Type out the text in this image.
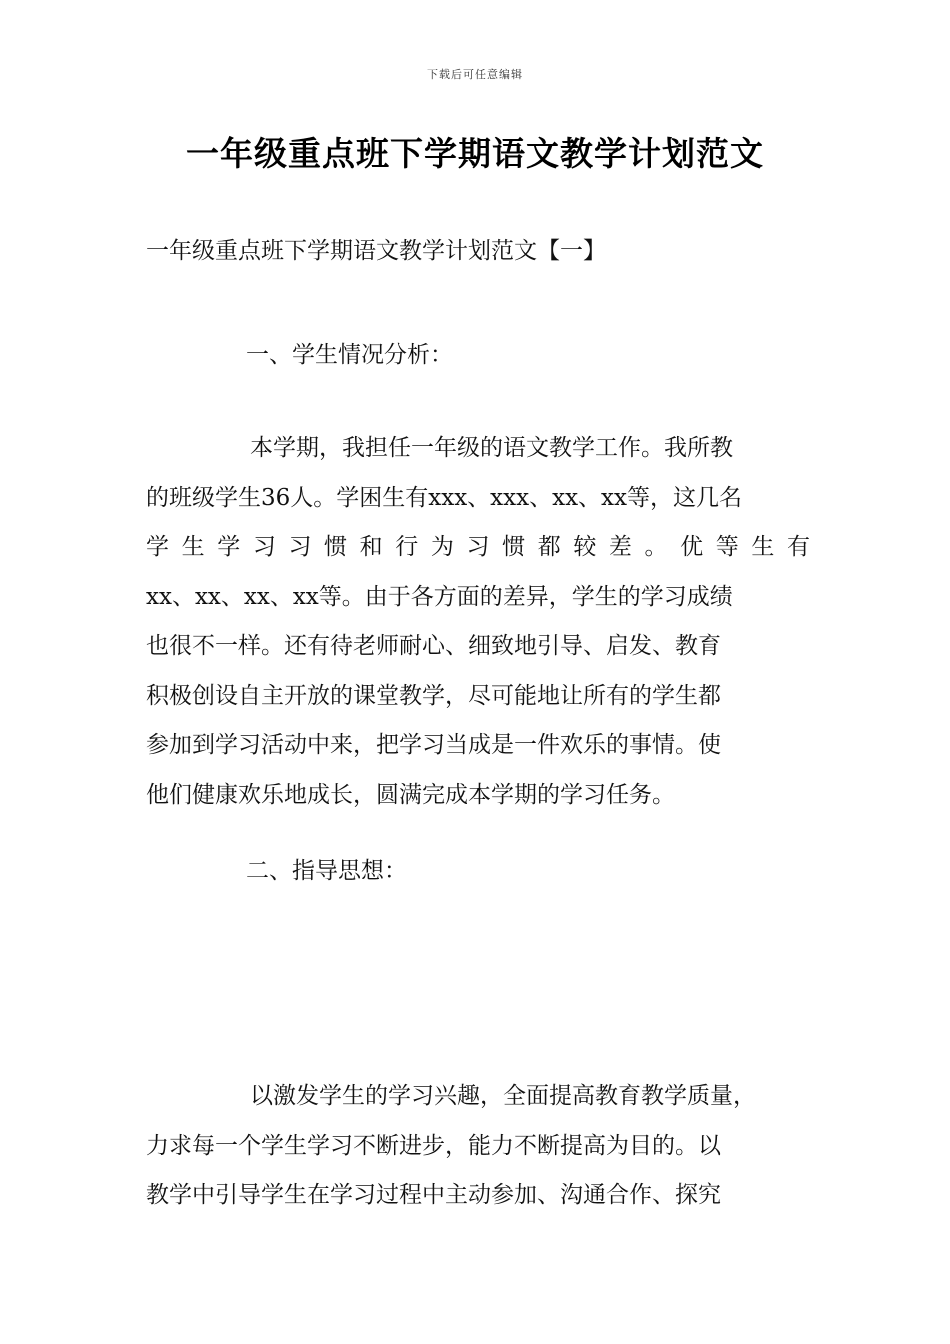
下载后可任意编辑
一年级重点班下学期语文教学计划范文
一年级重点班下学期语文教学计划范文【一】
一、学生情况分析：
本学期，我担任一年级的语文教学工作。我所教
的班级学生36人。学困生有xxx、xxx、xx、xx等，这几名
学 生 学 习 习 惯 和 行 为 习 惯 都 较 差 。 优 等 生 有
xx、xx、xx、xx等。由于各方面的差异，学生的学习成绩
也很不一样。还有待老师耐心、细致地引导、启发、教育
积极创设自主开放的课堂教学，尽可能地让所有的学生都
参加到学习活动中来，把学习当成是一件欢乐的事情。使
他们健康欢乐地成长，圆满完成本学期的学习任务。
二、指导思想：
以激发学生的学习兴趣，全面提高教育教学质量，
力求每一个学生学习不断进步，能力不断提高为目的。以
教学中引导学生在学习过程中主动参加、沟通合作、探究
